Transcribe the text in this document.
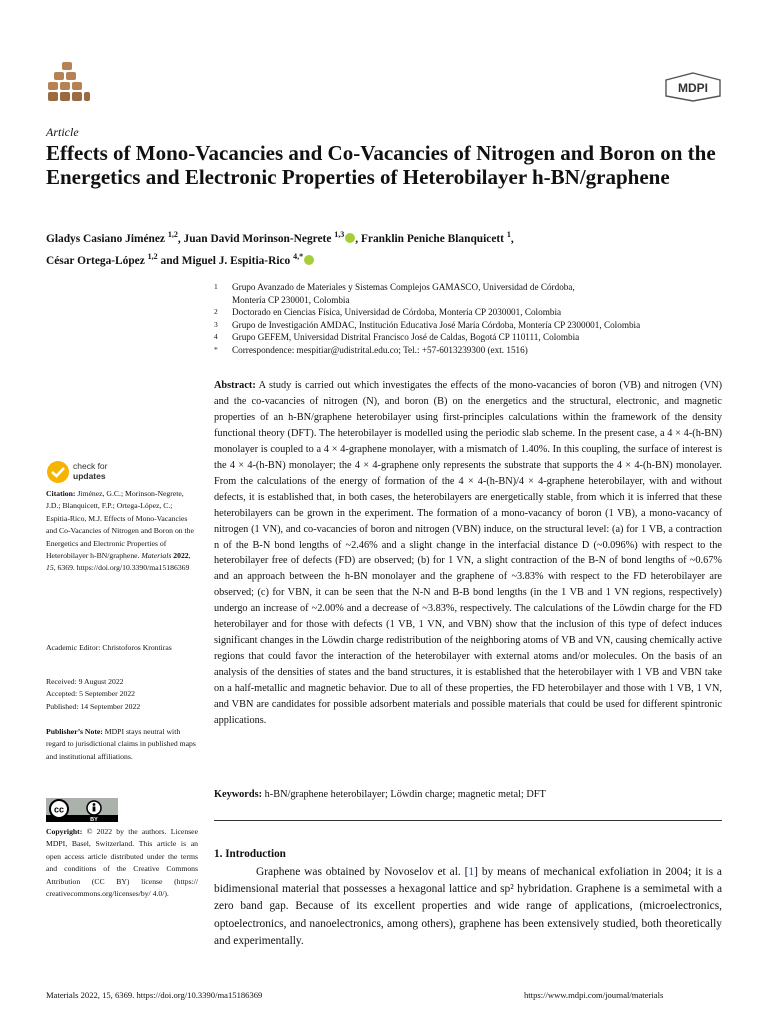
MDPI
Article
Effects of Mono-Vacancies and Co-Vacancies of Nitrogen and Boron on the Energetics and Electronic Properties of Heterobilayer h-BN/graphene
Gladys Casiano Jiménez $^{1,2}$, Juan David Morinson-Negrete $^{1,3}$ , Franklin Peniche Blanquicett $^1$,
César Ortega-López $^{1,2}$ and Miguel J. Espitia-Rico $^{4,*}$
1	Grupo Avanzado de Materiales y Sistemas Complejos GAMASCO, Universidad de Córdoba,
Montería CP 230001, Colombia
2	Doctorado en Ciencias Física, Universidad de Córdoba, Montería CP 2030001, Colombia
3	Grupo de Investigación AMDAC, Institución Educativa José María Córdoba, Montería CP 2300001, Colombia
4	Grupo GEFEM, Universidad Distrital Francisco José de Caldas, Bogotá CP 110111, Colombia
*	Correspondence: mespitiar@udistrital.edu.co; Tel.: +57-6013239300 (ext. 1516)
Abstract: A study is carried out which investigates the effects of the mono-vacancies of boron (VB) and nitrogen (VN) and the co-vacancies of nitrogen (N), and boron (B) on the energetics and the structural, electronic, and magnetic properties of an h-BN/graphene heterobilayer using first-principles calculations within the framework of the density functional theory (DFT). The heterobilayer is modelled using the periodic slab scheme. In the present case, a 4 × 4-(h-BN) monolayer is coupled to a 4 × 4-graphene monolayer, with a mismatch of 1.40%. In this coupling, the surface of interest is the 4 × 4-(h-BN) monolayer; the 4 × 4-graphene only represents the substrate that supports the 4 × 4-(h-BN) monolayer. From the calculations of the energy of formation of the 4 × 4-(h-BN)/4 × 4-graphene heterobilayer, with and without defects, it is established that, in both cases, the heterobilayers are energetically stable, from which it is inferred that these heterobilayers can be grown in the experiment. The formation of a mono-vacancy of boron (1 VB), a mono-vacancy of nitrogen (1 VN), and co-vacancies of boron and nitrogen (VBN) induce, on the structural level: (a) for 1 VB, a contraction n of the B-N bond lengths of ~2.46% and a slight change in the interfacial distance D (~0.096%) with respect to the heterobilayer free of defects (FD) are observed; (b) for 1 VN, a slight contraction of the B-N of bond lengths of ~0.67% and an approach between the h-BN monolayer and the graphene of ~3.83% with respect to the FD heterobilayer are observed; (c) for VBN, it can be seen that the N-N and B-B bond lengths (in the 1 VB and 1 VN regions, respectively) undergo an increase of ~2.00% and a decrease of ~3.83%, respectively. The calculations of the Löwdin charge for the FD heterobilayer and for those with defects (1 VB, 1 VN, and VBN) show that the inclusion of this type of defect induces significant changes in the Löwdin charge redistribution of the neighboring atoms of VB and VN, causing chemically active regions that could favor the interaction of the heterobilayer with external atoms and/or molecules. On the basis of an analysis of the densities of states and the band structures, it is established that the heterobilayer with 1 VB and VBN take on a half-metallic and magnetic behavior. Due to all of these properties, the FD heterobilayer and those with 1 VB, 1 VN, and VBN are candidates for possible adsorbent materials and possible materials that could be used for different spintronic applications.
Keywords: h-BN/graphene heterobilayer; Löwdin charge; magnetic metal; DFT
check for
updates
Citation: Jiménez, G.C.; Morinson-Negrete, J.D.; Blanquicett, F.P.; Ortega-López, C.; Espitia-Rico, M.J. Effects of Mono-Vacancies and Co-Vacancies of Nitrogen and Boron on the Energetics and Electronic Properties of Heterobilayer h-BN/graphene. Materials 2022, 15, 6369. https://doi.org/10.3390/ma15186369
Academic Editor: Christoforos Krontiras
Received: 9 August 2022
Accepted: 5 September 2022
Published: 14 September 2022
Publisher’s Note: MDPI stays neutral with regard to jurisdictional claims in published maps and institutional affiliations.
cc
BY
Copyright: © 2022 by the authors. Licensee MDPI, Basel, Switzerland. This article is an open access article distributed under the terms and conditions of the Creative Commons Attribution (CC BY) license (https:// creativecommons.org/licenses/by/ 4.0/).
1. Introduction
Graphene was obtained by Novoselov et al. [1] by means of mechanical exfoliation in 2004; it is a bidimensional material that possesses a hexagonal lattice and sp² hybridation. Graphene is a semimetal with a zero band gap. Because of its excellent properties and wide range of applications, (microelectronics, optoelectronics, and nanoelectronics, among others), graphene has been extensively studied, both theoretically and experimentally.
Materials 2022, 15, 6369. https://doi.org/10.3390/ma15186369	https://www.mdpi.com/journal/materials
